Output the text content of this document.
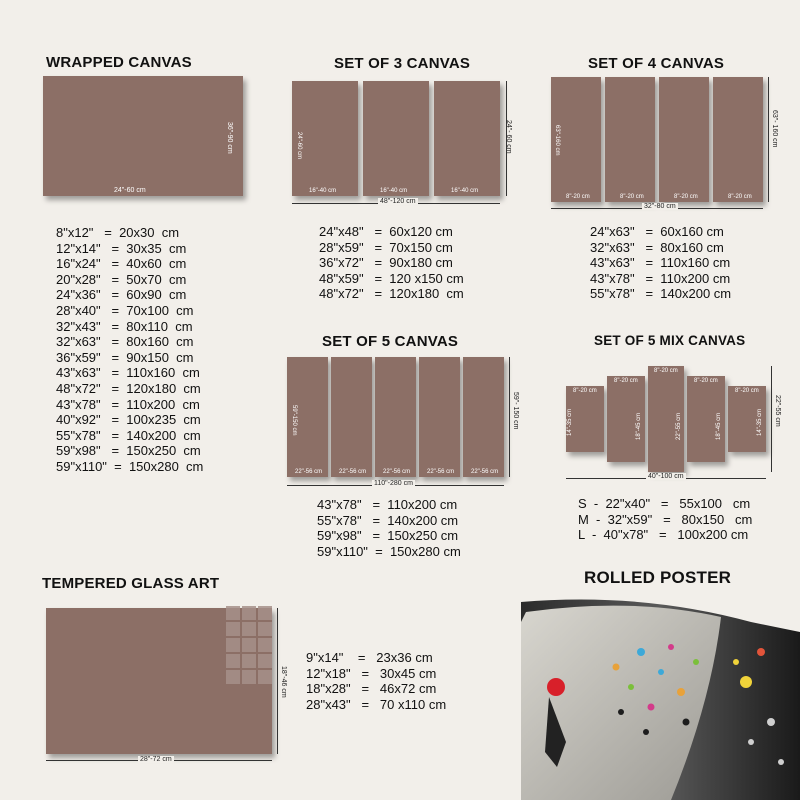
WRAPPED CANVAS
24"-60 cm
36"-90 cm
8"x12"   =  20x30  cm
12"x14"   =  30x35  cm
16"x24"   =  40x60  cm
20"x28"   =  50x70  cm
24"x36"   =  60x90  cm
28"x40"   =  70x100  cm
32"x43"   =  80x110  cm
32"x63"   =  80x160  cm
36"x59"   =  90x150  cm
43"x63"   =  110x160  cm
48"x72"   =  120x180  cm
43"x78"   =  110x200  cm
40"x92"   =  100x235  cm
55"x78"   =  140x200  cm
59"x98"   =  150x250  cm
59"x110"  =  150x280  cm
SET OF 3 CANVAS
16"-40 cm	16"-40 cm	16"-40 cm
24"-60 cm
48"-120 cm
24"- 60 cm
24"x48"   =  60x120 cm
28"x59"   =  70x150 cm
36"x72"   =  90x180 cm
48"x59"   =  120 x150 cm
48"x72"   =  120x180  cm
SET OF 4 CANVAS
8"-20 cm	8"-20 cm	8"-20 cm	8"-20 cm
63"-160 cm
32"-80 cm
63"- 160 cm
24"x63"   =  60x160 cm
32"x63"   =  80x160 cm
43"x63"   =  110x160 cm
43"x78"   =  110x200 cm
55"x78"   =  140x200 cm
SET OF 5 CANVAS
22"-56 cm	22"-56 cm	22"-56 cm	22"-56 cm	22"-56 cm
59"-150 cm
110"-280 cm
59"- 150 cm
43"x78"   =  110x200 cm
55"x78"   =  140x200 cm
59"x98"   =  150x250 cm
59"x110"  =  150x280 cm
SET OF 5 MIX CANVAS
8"-20 cm
8"-20 cm
8"-20 cm
8"-20 cm
8"-20 cm
14"-35 cm	18"-45 cm	22"-55 cm	18"-45 cm	14"-35 cm
40"-100 cm
22"-55 cm
S  -  22"x40"   =   55x100   cm
M  -  32"x59"   =   80x150   cm
L  -  40"x78"   =   100x200 cm
TEMPERED GLASS ART
28"-72 cm
18"-46 cm
9"x14"    =   23x36 cm
12"x18"   =   30x45 cm
18"x28"   =   46x72 cm
28"x43"   =   70 x110 cm
ROLLED POSTER
